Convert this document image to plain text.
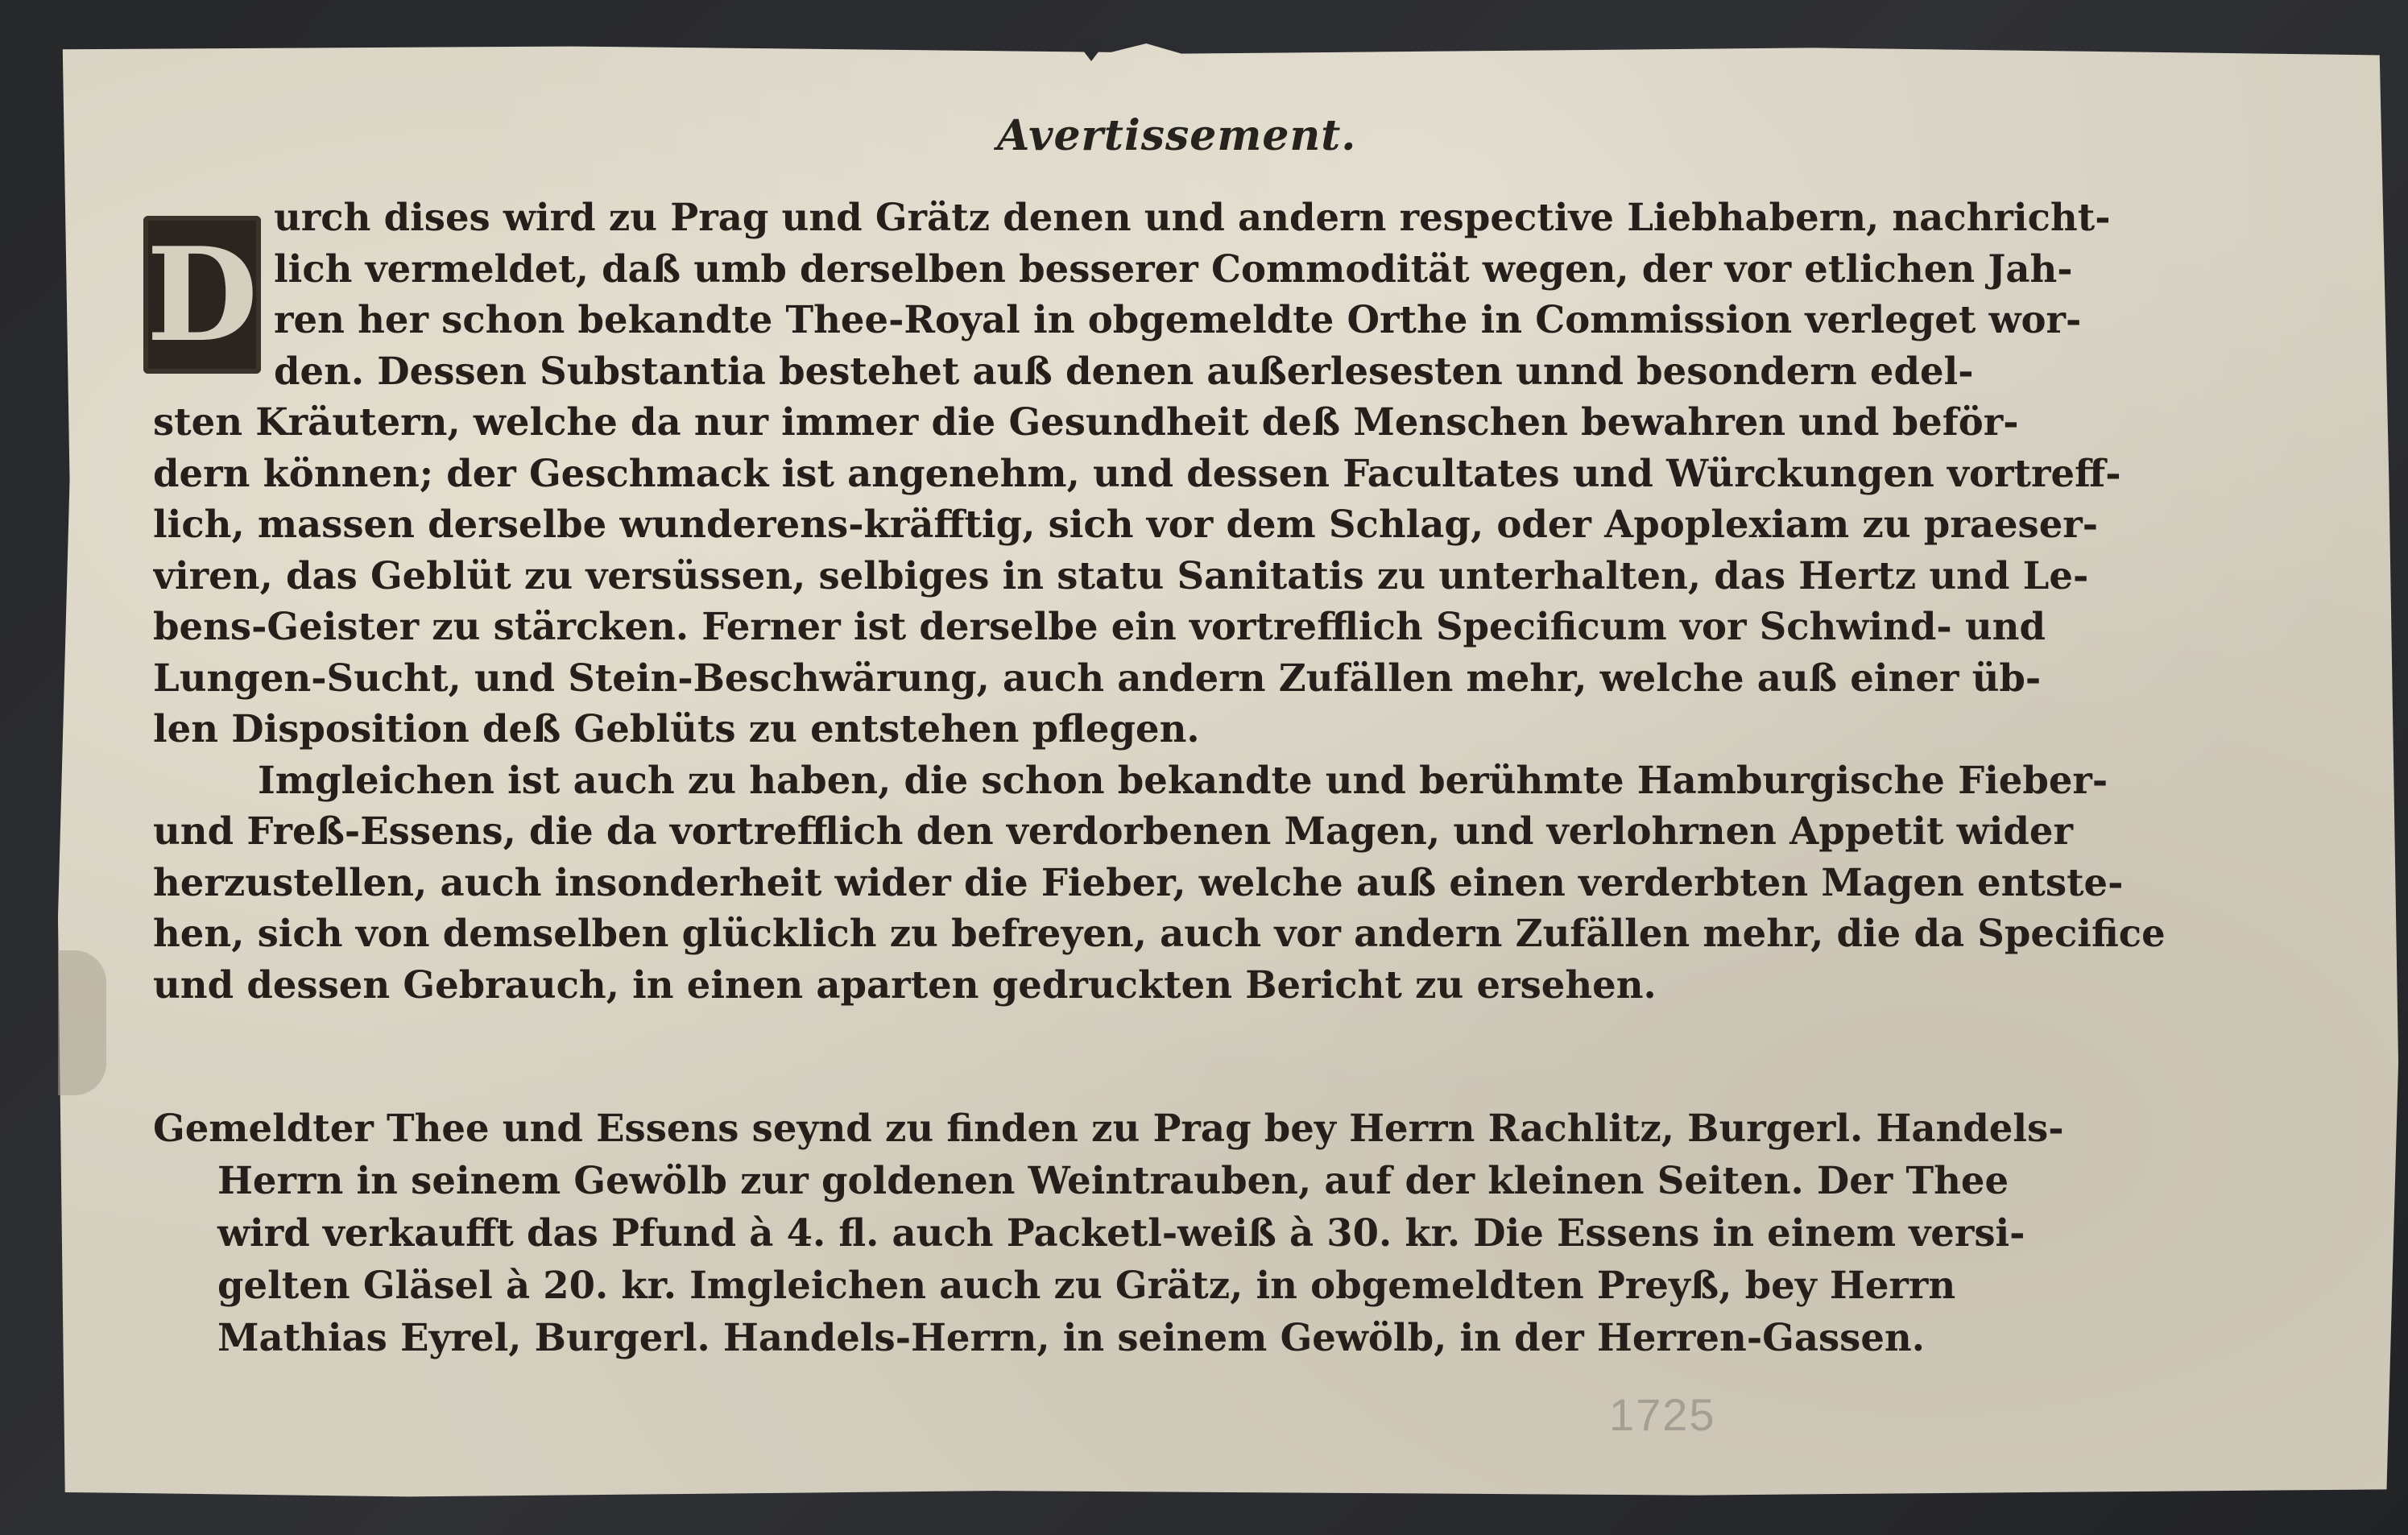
Avertissement.
D
urch dises wird zu Prag und Grätz denen und andern respective Liebhabern, nachricht-
lich vermeldet, daß umb derselben besserer Commodität wegen, der vor etlichen Jah-
ren her schon bekandte Thee-Royal in obgemeldte Orthe in Commission verleget wor-
den. Dessen Substantia bestehet auß denen außerlesesten unnd besondern edel-
sten Kräutern, welche da nur immer die Gesundheit deß Menschen bewahren und beför-
dern können; der Geschmack ist angenehm, und dessen Facultates und Würckungen vortreff-
lich, massen derselbe wunderens-kräfftig, sich vor dem Schlag, oder Apoplexiam zu praeser-
viren, das Geblüt zu versüssen, selbiges in statu Sanitatis zu unterhalten, das Hertz und Le-
bens-Geister zu stärcken. Ferner ist derselbe ein vortrefflich Specificum vor Schwind- und
Lungen-Sucht, und Stein-Beschwärung, auch andern Zufällen mehr, welche auß einer üb-
len Disposition deß Geblüts zu entstehen pflegen.
Imgleichen ist auch zu haben, die schon bekandte und berühmte Hamburgische Fieber-
und Freß-Essens, die da vortrefflich den verdorbenen Magen, und verlohrnen Appetit wider
herzustellen, auch insonderheit wider die Fieber, welche auß einen verderbten Magen entste-
hen, sich von demselben glücklich zu befreyen, auch vor andern Zufällen mehr, die da Specifice
und dessen Gebrauch, in einen aparten gedruckten Bericht zu ersehen.
Gemeldter Thee und Essens seynd zu finden zu Prag bey Herrn Rachlitz, Burgerl. Handels-
Herrn in seinem Gewölb zur goldenen Weintrauben, auf der kleinen Seiten. Der Thee
wird verkaufft das Pfund à 4. fl. auch Packetl-weiß à 30. kr. Die Essens in einem versi-
gelten Gläsel à 20. kr. Imgleichen auch zu Grätz, in obgemeldten Preyß, bey Herrn
Mathias Eyrel, Burgerl. Handels-Herrn, in seinem Gewölb, in der Herren-Gassen.
1725
